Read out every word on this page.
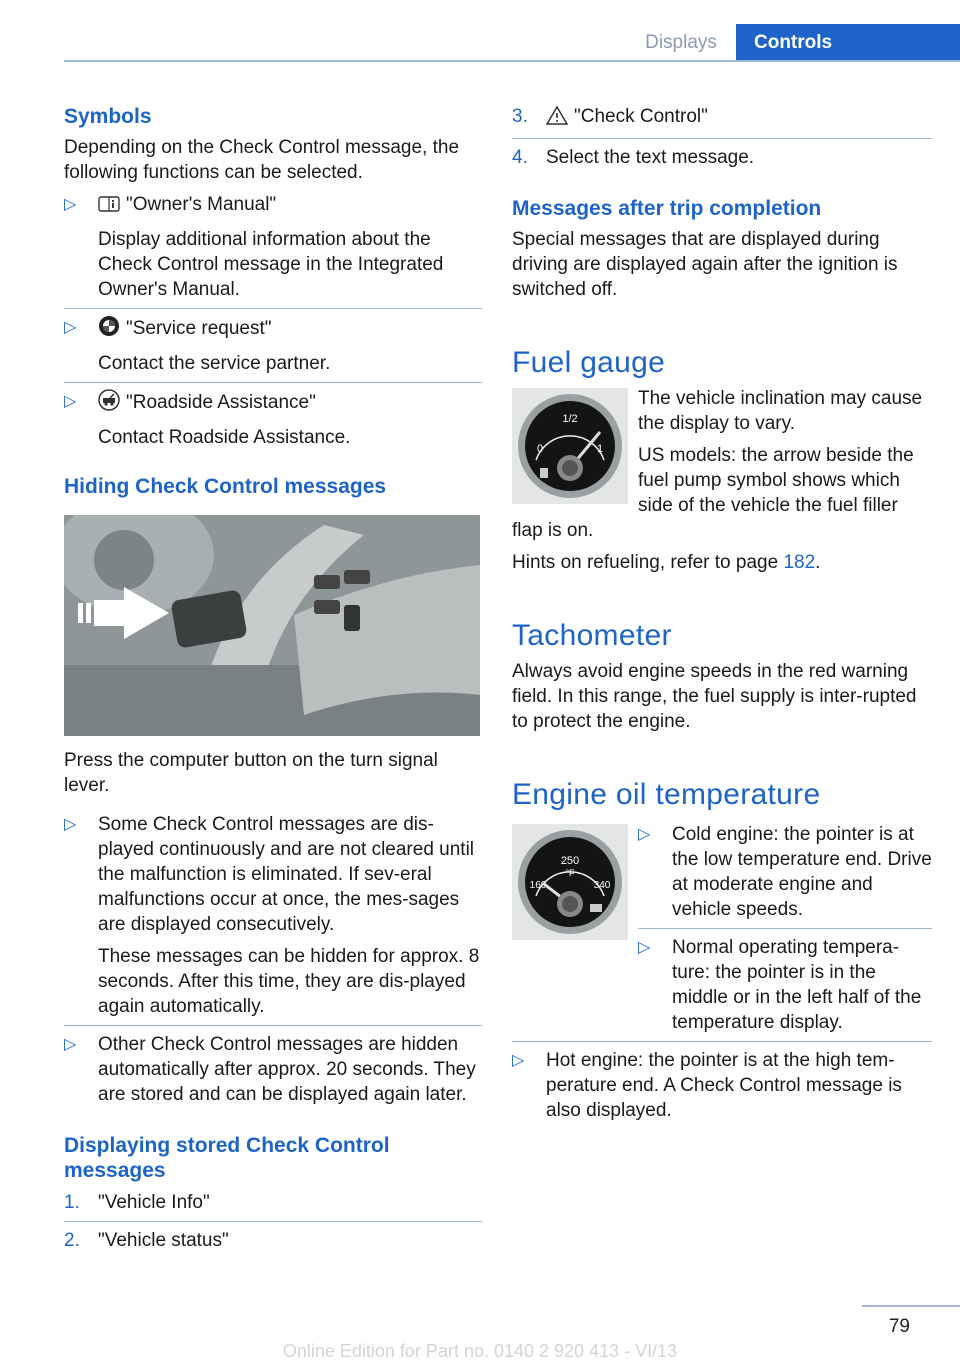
Displays	Controls
Symbols

Depending on the Check Control message, the following functions can be selected.

▷	"Owner's Manual"

Display additional information about the Check Control message in the Integrated Owner's Manual.

▷	"Service request"

Contact the service partner.

▷	"Roadside Assistance"

Contact Roadside Assistance.

Hiding Check Control messages

Press the computer button on the turn signal lever.

▷	Some Check Control messages are dis‐played continuously and are not cleared until the malfunction is eliminated. If sev‐eral malfunctions occur at once, the mes‐sages are displayed consecutively.

These messages can be hidden for approx. 8 seconds. After this time, they are dis‐played again automatically.

▷	Other Check Control messages are hidden automatically after approx. 20 seconds. They are stored and can be displayed again later.

Displaying stored Check Control messages
1. "Vehicle Info"

2. "Vehicle status"

3.	"Check Control"

4. Select the text message.

Messages after trip completion

Special messages that are displayed during driving are displayed again after the ignition is switched off.

Fuel gauge
1/2
0	1

The vehicle inclination may cause the display to vary.

US models: the arrow beside the fuel pump symbol shows which side of the vehicle the fuel filler

flap is on.

Hints on refueling, refer to page 182.

Tachometer

Always avoid engine speeds in the red warning field. In this range, the fuel supply is inter‐rupted to protect the engine.

Engine oil temperature
250
°F
160	340
▷	Cold engine: the pointer is at the low temperature end. Drive at moderate engine and vehicle speeds.

▷	Normal operating tempera‐ture: the pointer is in the middle or in the left half of the temperature display.

▷	Hot engine: the pointer is at the high tem‐perature end. A Check Control message is also displayed.

79
Online Edition for Part no. 0140 2 920 413 - VI/13
